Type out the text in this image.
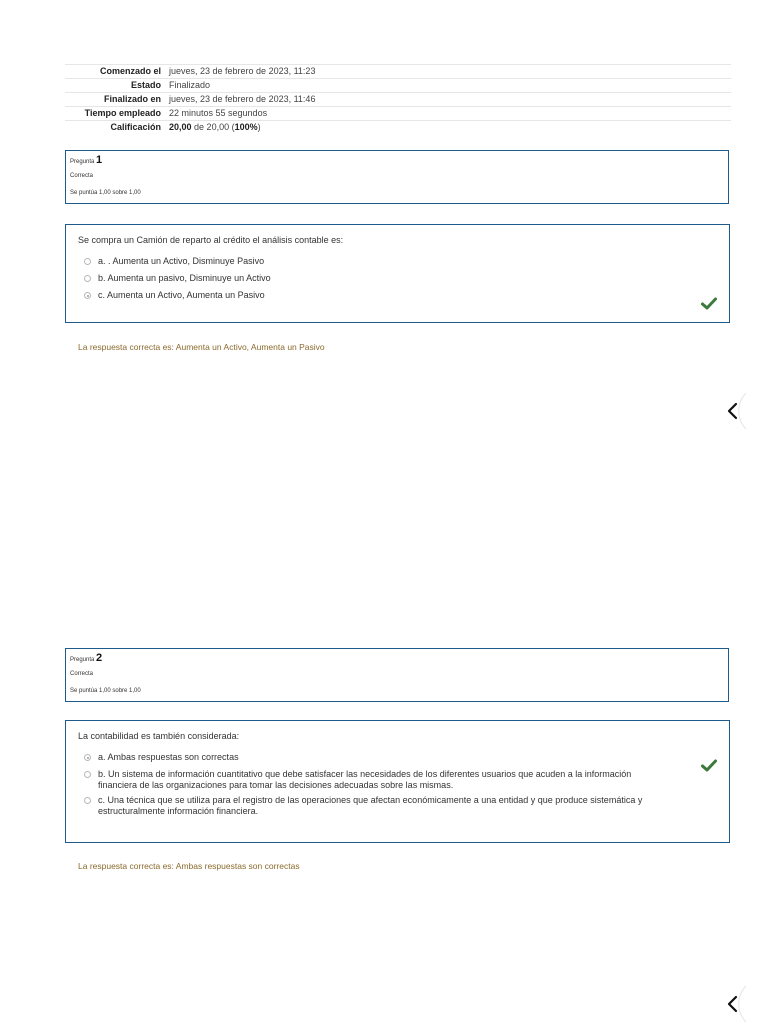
Comenzado el	jueves, 23 de febrero de 2023, 11:23
Estado	Finalizado
Finalizado en	jueves, 23 de febrero de 2023, 11:46
Tiempo empleado	22 minutos 55 segundos
Calificación	20,00 de 20,00 (100%)
Pregunta 1
Correcta
Se puntúa 1,00 sobre 1,00
Se compra un Camión de reparto al crédito el análisis contable es:
a. . Aumenta un Activo, Disminuye Pasivo
b. Aumenta un pasivo, Disminuye un Activo
c. Aumenta un Activo, Aumenta un Pasivo
La respuesta correcta es: Aumenta un Activo, Aumenta un Pasivo
Pregunta 2
Correcta
Se puntúa 1,00 sobre 1,00
La contabilidad es también considerada:
a. Ambas respuestas son correctas
b. Un sistema de información cuantitativo que debe satisfacer las necesidades de los diferentes usuarios que acuden a la información financiera de las organizaciones para tomar las decisiones adecuadas sobre las mismas.
c. Una técnica que se utiliza para el registro de las operaciones que afectan económicamente a una entidad y que produce sistemática y estructuralmente información financiera.
La respuesta correcta es: Ambas respuestas son correctas
